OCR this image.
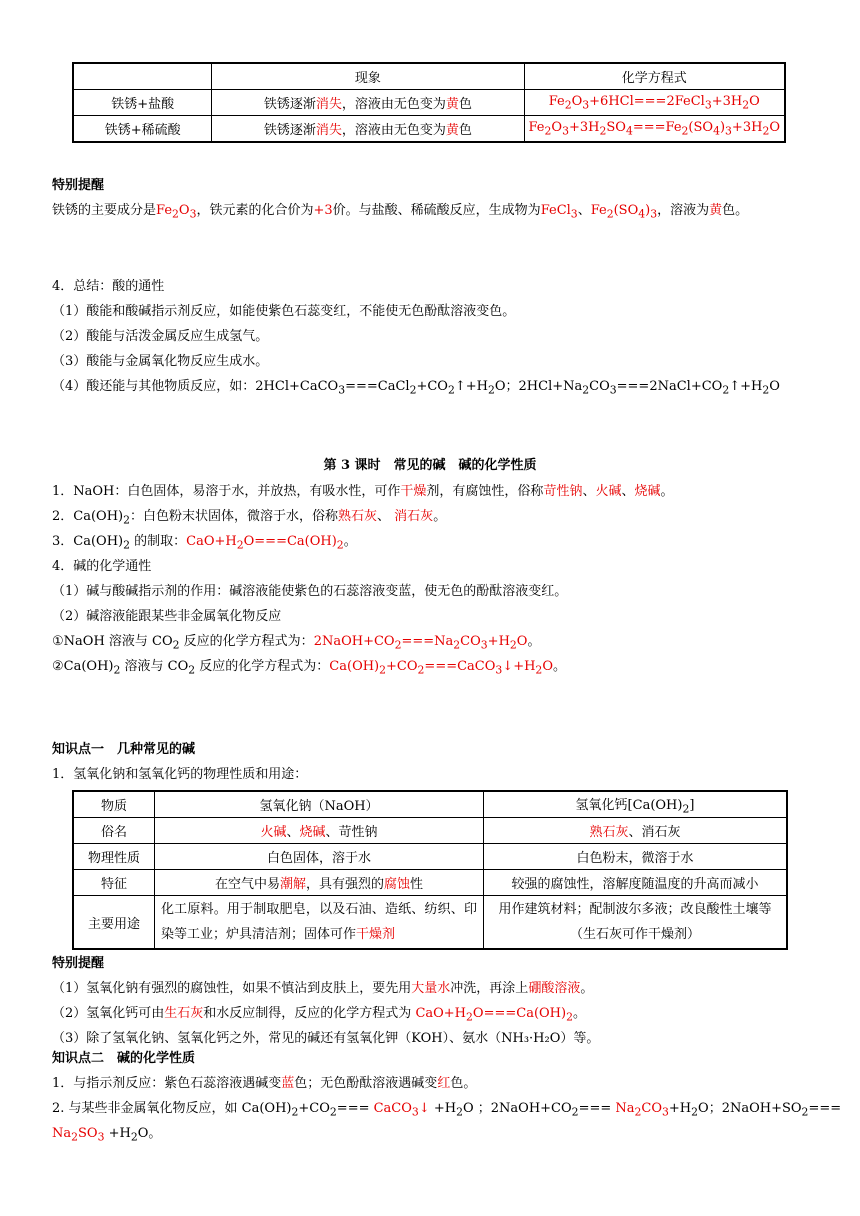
	现象	化学方程式
铁锈+盐酸	铁锈逐渐消失，溶液由无色变为黄色	$Fe_2O_3+6HCl===2FeCl_3+3H_2O$
铁锈+稀硫酸	铁锈逐渐消失，溶液由无色变为黄色	$Fe_2O_3+3H_2SO_4===Fe_2(SO_4)_3+3H_2O$
特别提醒
铁锈的主要成分是$Fe_2O_3$，铁元素的化合价为+3价。与盐酸、稀硫酸反应，生成物为FeCl$_3$、$Fe_2(SO_4)_3$，溶液为黄色。
4．总结：酸的通性
（1）酸能和酸碱指示剂反应，如能使紫色石蕊变红，不能使无色酚酞溶液变色。
（2）酸能与活泼金属反应生成氢气。
（3）酸能与金属氧化物反应生成水。
（4）酸还能与其他物质反应，如：$2HCl+CaCO_3===CaCl_2+CO_2↑+H_2O$；$2HCl+Na_2CO_3===2NaCl+CO_2↑+H_2O$
第 3 课时　常见的碱　碱的化学性质
1．NaOH：白色固体，易溶于水，并放热，有吸水性，可作干燥剂，有腐蚀性，俗称苛性钠、火碱、烧碱。
2．$Ca(OH)_2$：白色粉末状固体，微溶于水，俗称熟石灰、 消石灰。
3．$Ca(OH)_2$ 的制取：$CaO+H_2O===Ca(OH)_2$。
4．碱的化学通性
（1）碱与酸碱指示剂的作用：碱溶液能使紫色的石蕊溶液变蓝，使无色的酚酞溶液变红。
（2）碱溶液能跟某些非金属氧化物反应
①NaOH 溶液与 $CO_2$ 反应的化学方程式为：$2NaOH+CO_2===Na_2CO_3+H_2O$。
$②Ca(OH)_2$ 溶液与 $CO_2$ 反应的化学方程式为：$Ca(OH)_2+CO_2===CaCO_3↓+H_2O$。
知识点一　几种常见的碱
1．氢氧化钠和氢氧化钙的物理性质和用途：
物质	氢氧化钠（NaOH）	氢氧化钙$[Ca(OH)_2]$
俗名	火碱、烧碱、苛性钠	熟石灰、消石灰
物理性质	白色固体，溶于水	白色粉末，微溶于水
特征	在空气中易潮解，具有强烈的腐蚀性	较强的腐蚀性，溶解度随温度的升高而减小
主要用途	化工原料。用于制取肥皂，以及石油、造纸、纺织、印染等工业；炉具清洁剂；固体可作干燥剂	用作建筑材料；配制波尔多液；改良酸性土壤等（生石灰可作干燥剂）
特别提醒
（1）氢氧化钠有强烈的腐蚀性，如果不慎沾到皮肤上，要先用大量水冲洗，再涂上硼酸溶液。
（2）氢氧化钙可由生石灰和水反应制得，反应的化学方程式为 $CaO+H_2O===Ca(OH)_2$。
（3）除了氢氧化钠、氢氧化钙之外，常见的碱还有氢氧化钾（KOH）、氨水（NH₃·H₂O）等。
知识点二　碱的化学性质
1．与指示剂反应：紫色石蕊溶液遇碱变蓝色；无色酚酞溶液遇碱变红色。
2. 与某些非金属氧化物反应，如 $Ca(OH)_2+CO_2===$ CaCO$_3$↓ $+H_2O$ ；$2NaOH+CO_2=== Na_2CO_3+H_2O$；$2NaOH+SO_2===$
$Na_2SO_3 +H_2O$。
